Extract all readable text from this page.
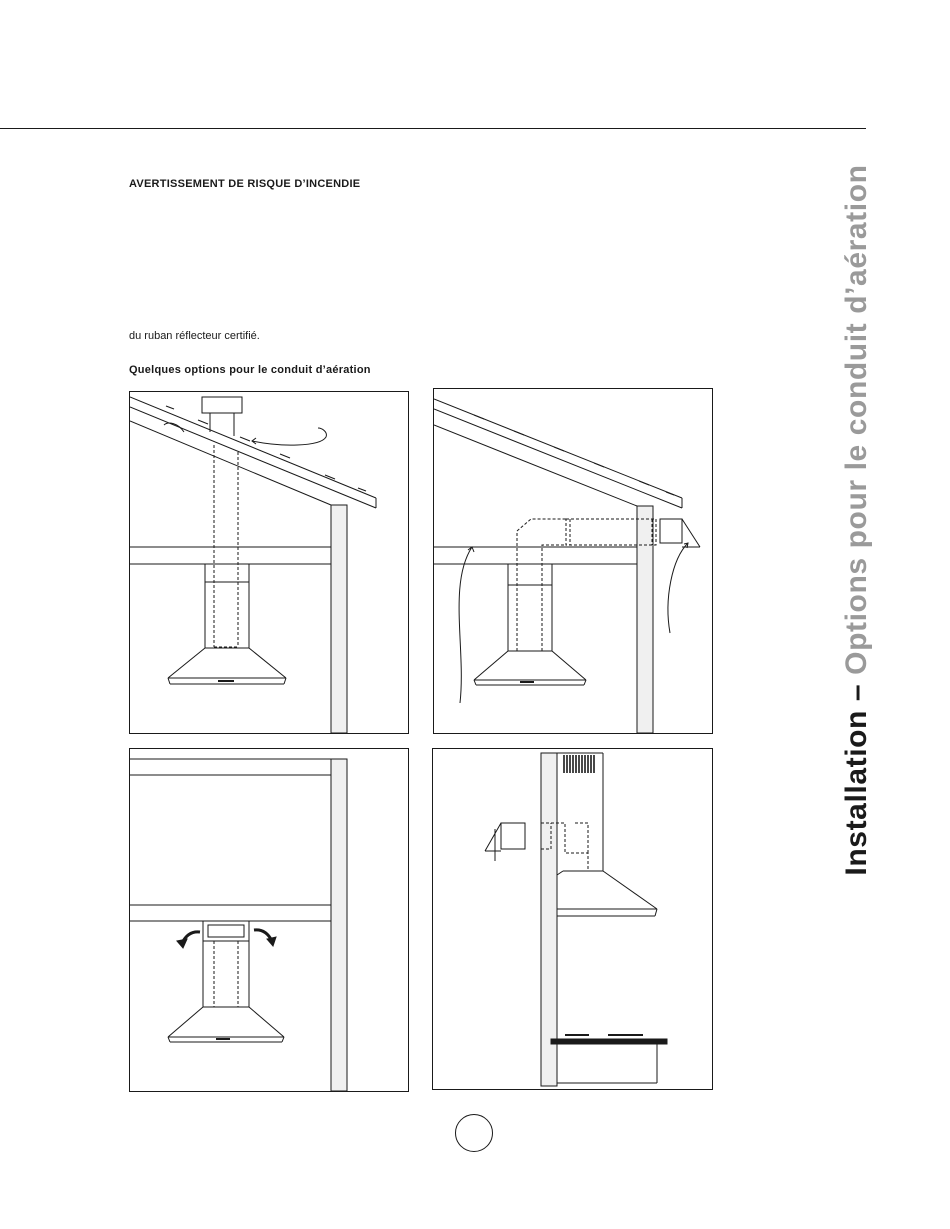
AVERTISSEMENT DE RISQUE D’INCENDIE
du ruban réflecteur certifié.
Quelques options pour le conduit d’aération
Installation – Options pour le conduit d’aération
